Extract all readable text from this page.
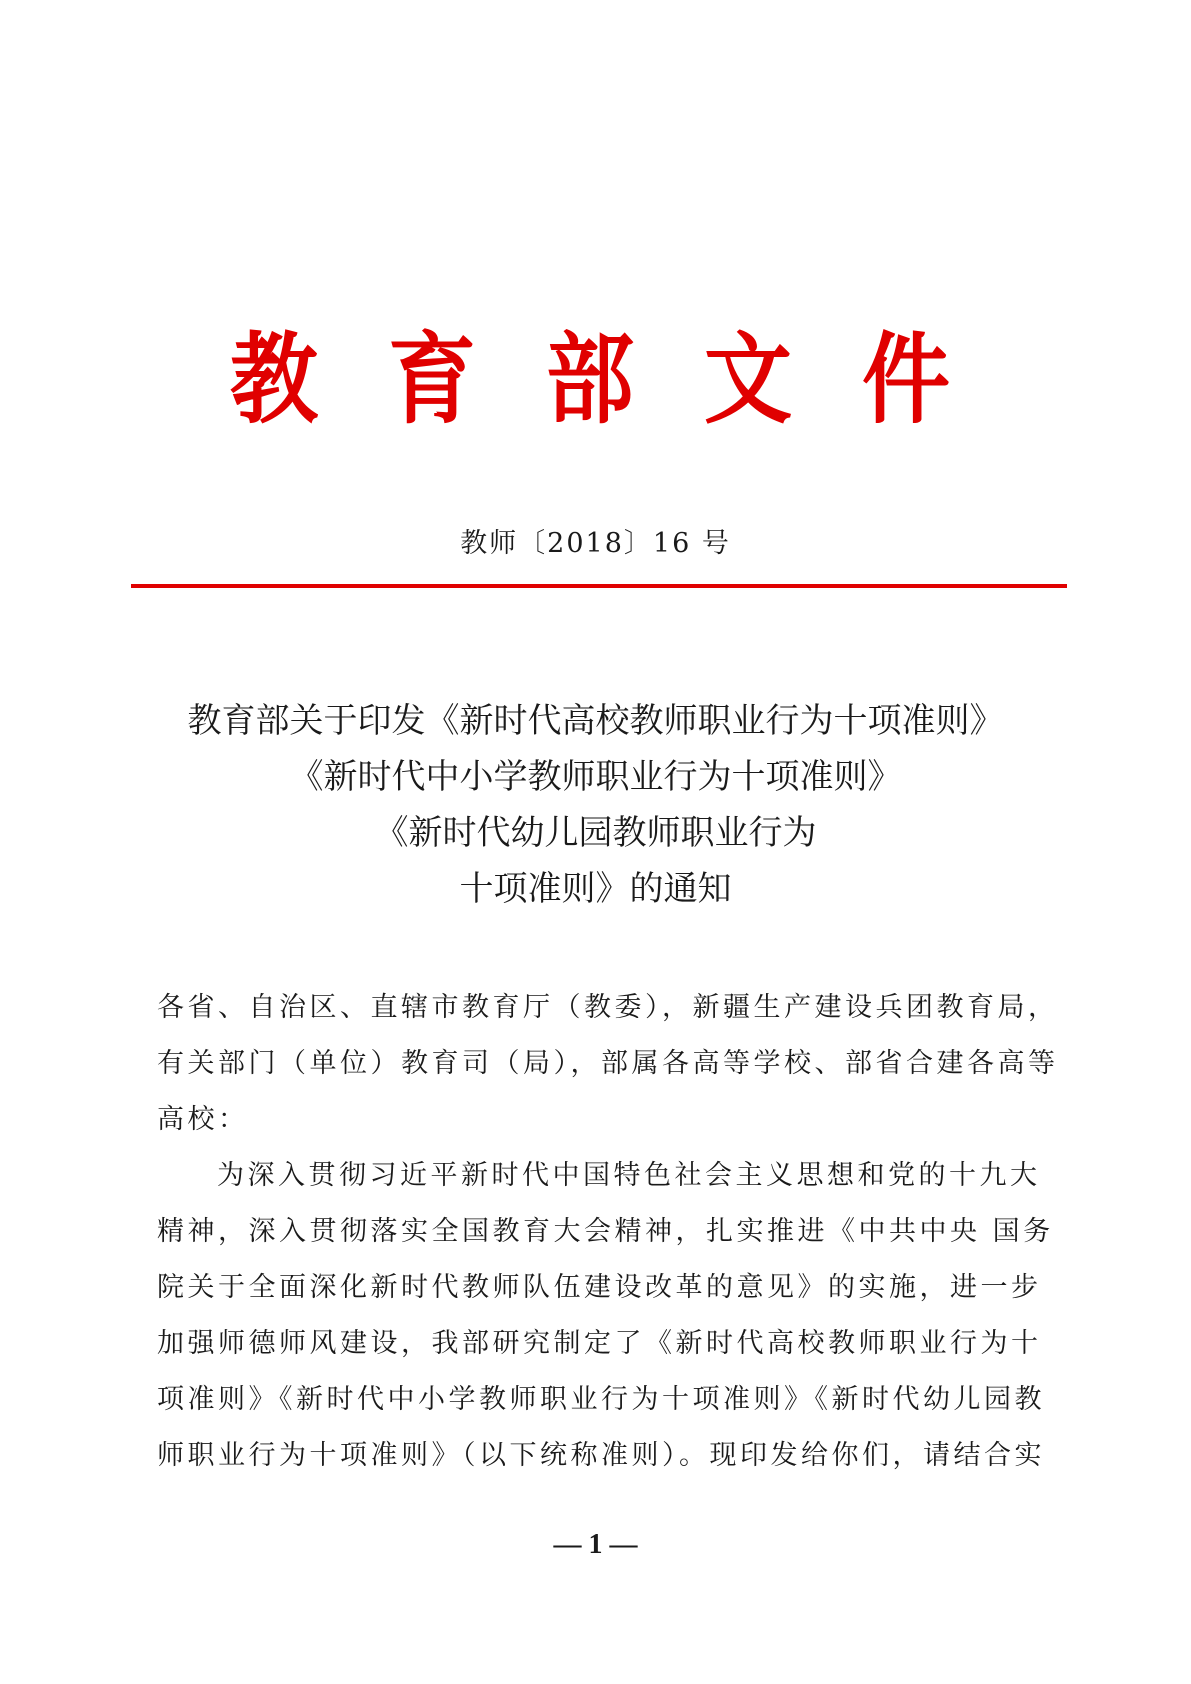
教 育 部 文 件
教师〔2018〕16 号
教育部关于印发《新时代高校教师职业行为十项准则》
《新时代中小学教师职业行为十项准则》
《新时代幼儿园教师职业行为
十项准则》的通知
各省、自治区、直辖市教育厅（教委），新疆生产建设兵团教育局，
有关部门（单位）教育司（局），部属各高等学校、部省合建各高等
高校：
为深入贯彻习近平新时代中国特色社会主义思想和党的十九大
精神，深入贯彻落实全国教育大会精神，扎实推进《中共中央 国务
院关于全面深化新时代教师队伍建设改革的意见》的实施，进一步
加强师德师风建设，我部研究制定了《新时代高校教师职业行为十
项准则》《新时代中小学教师职业行为十项准则》《新时代幼儿园教
师职业行为十项准则》（以下统称准则）。现印发给你们，请结合实
— 1 —
